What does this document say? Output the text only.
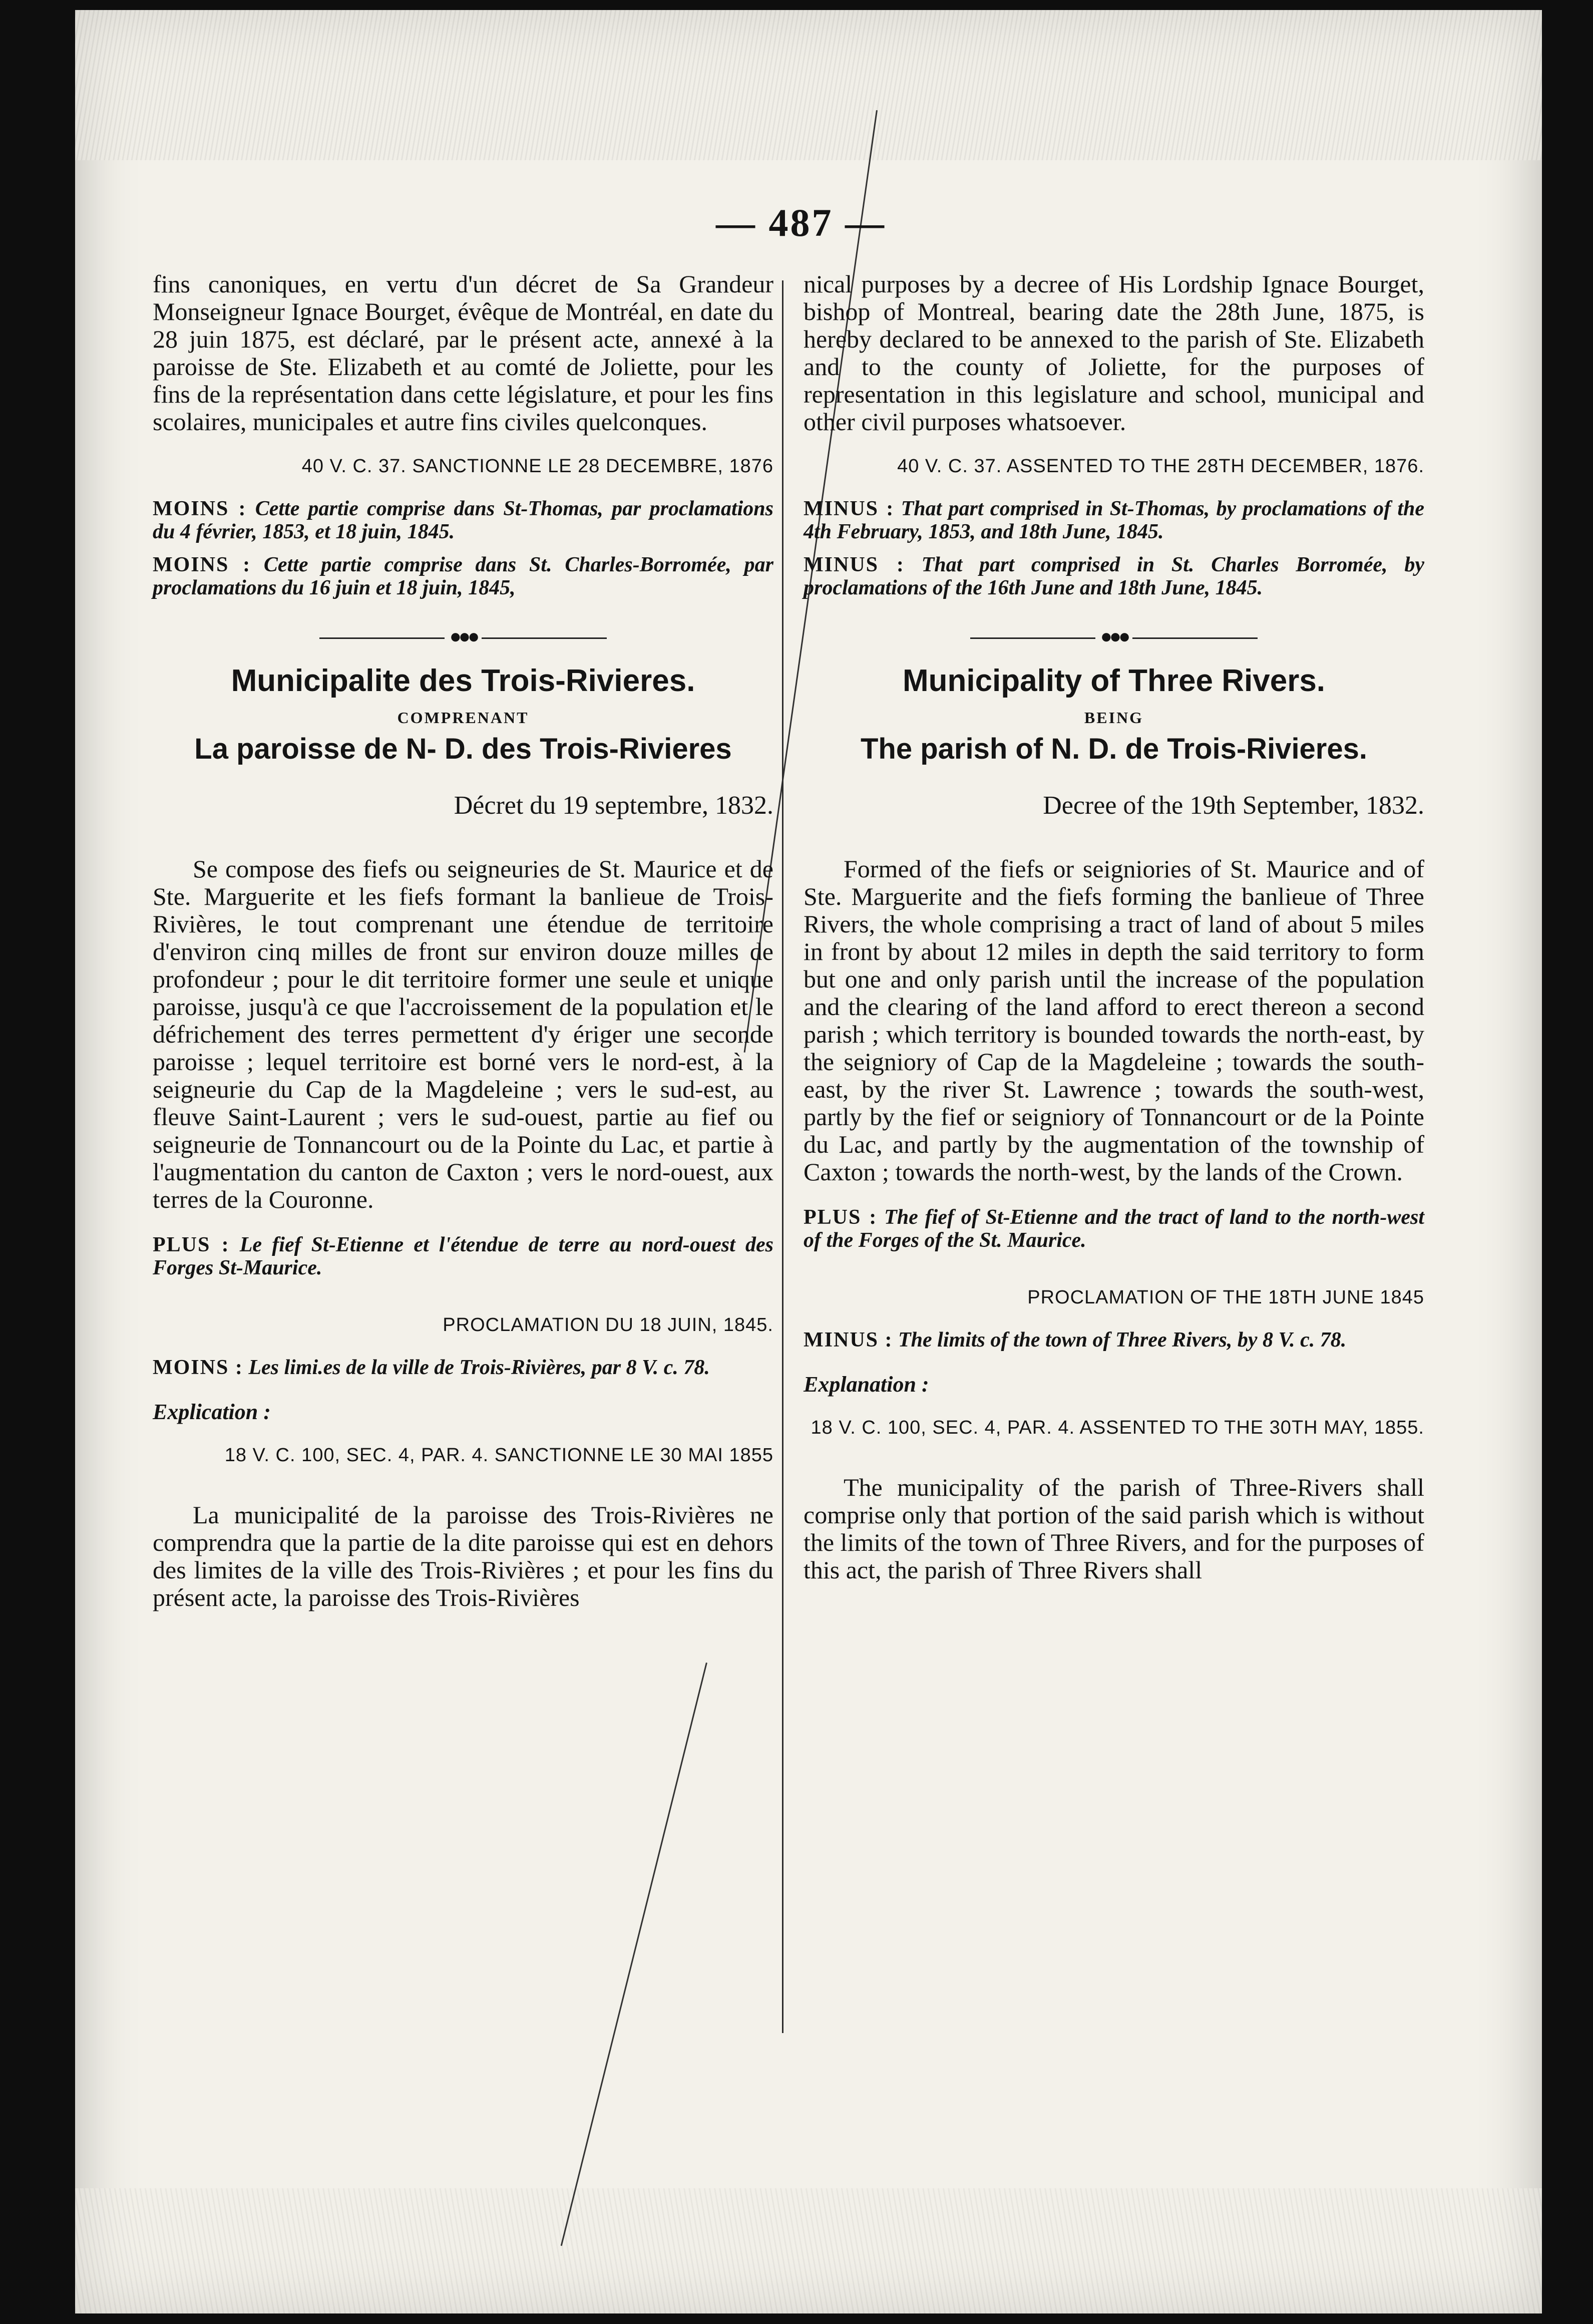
— 487 —

fins canoniques, en vertu d'un décret de Sa Grandeur Monseigneur Ignace Bourget, évêque de Montréal, en date du 28 juin 1875, est déclaré, par le présent acte, annexé à la paroisse de Ste. Elizabeth et au comté de Joliette, pour les fins de la représentation dans cette législature, et pour les fins scolaires, municipales et autre fins civiles quelconques.

40 V. C. 37. SANCTIONNE LE 28 DECEMBRE, 1876

MOINS : Cette partie comprise dans St-Thomas, par proclamations du 4 février, 1853, et 18 juin, 1845.

MOINS : Cette partie comprise dans St. Charles-Borromée, par proclamations du 16 juin et 18 juin, 1845,

●●●

Municipalite des Trois-Rivieres.

COMPRENANT

La paroisse de N- D. des Trois-Rivieres

Décret du 19 septembre, 1832.

Se compose des fiefs ou seigneuries de St. Maurice et de Ste. Marguerite et les fiefs formant la banlieue de Trois-Rivières, le tout comprenant une étendue de territoire d'environ cinq milles de front sur environ douze milles de profondeur ; pour le dit territoire former une seule et unique paroisse, jusqu'à ce que l'accroissement de la population et le défrichement des terres permettent d'y ériger une seconde paroisse ; lequel territoire est borné vers le nord-est, à la seigneurie du Cap de la Magdeleine ; vers le sud-est, au fleuve Saint-Laurent ; vers le sud-ouest, partie au fief ou seigneurie de Tonnancourt ou de la Pointe du Lac, et partie à l'augmentation du canton de Caxton ; vers le nord-ouest, aux terres de la Couronne.

PLUS : Le fief St-Etienne et l'étendue de terre au nord-ouest des Forges St-Maurice.

PROCLAMATION DU 18 JUIN, 1845.

MOINS : Les limi.es de la ville de Trois-Rivières, par 8 V. c. 78.

Explication :

18 V. C. 100, SEC. 4, PAR. 4. SANCTIONNE LE 30 MAI 1855

La municipalité de la paroisse des Trois-Rivières ne comprendra que la partie de la dite paroisse qui est en dehors des limites de la ville des Trois-Rivières ; et pour les fins du présent acte, la paroisse des Trois-Rivières

nical purposes by a decree of His Lordship Ignace Bourget, bishop of Montreal, bearing date the 28th June, 1875, is hereby declared to be annexed to the parish of Ste. Elizabeth and to the county of Joliette, for the purposes of representation in this legislature and school, municipal and other civil purposes whatsoever.

40 V. C. 37. ASSENTED TO THE 28TH DECEMBER, 1876.

MINUS : That part comprised in St-Thomas, by proclamations of the 4th February, 1853, and 18th June, 1845.

MINUS : That part comprised in St. Charles Borromée, by proclamations of the 16th June and 18th June, 1845.

●●●

Municipality of Three Rivers.

BEING

The parish of N. D. de Trois-Rivieres.

Decree of the 19th September, 1832.

Formed of the fiefs or seigniories of St. Maurice and of Ste. Marguerite and the fiefs forming the banlieue of Three Rivers, the whole comprising a tract of land of about 5 miles in front by about 12 miles in depth the said territory to form but one and only parish until the increase of the population and the clearing of the land afford to erect thereon a second parish ; which territory is bounded towards the north-east, by the seigniory of Cap de la Magdeleine ; towards the south-east, by the river St. Lawrence ; towards the south-west, partly by the fief or seigniory of Tonnancourt or de la Pointe du Lac, and partly by the augmentation of the township of Caxton ; towards the north-west, by the lands of the Crown.

PLUS : The fief of St-Etienne and the tract of land to the north-west of the Forges of the St. Maurice.

PROCLAMATION OF THE 18TH JUNE 1845

MINUS : The limits of the town of Three Rivers, by 8 V. c. 78.

Explanation :

18 V. C. 100, SEC. 4, PAR. 4. ASSENTED TO THE 30TH MAY, 1855.

The municipality of the parish of Three-Rivers shall comprise only that portion of the said parish which is without the limits of the town of Three Rivers, and for the purposes of this act, the parish of Three Rivers shall
